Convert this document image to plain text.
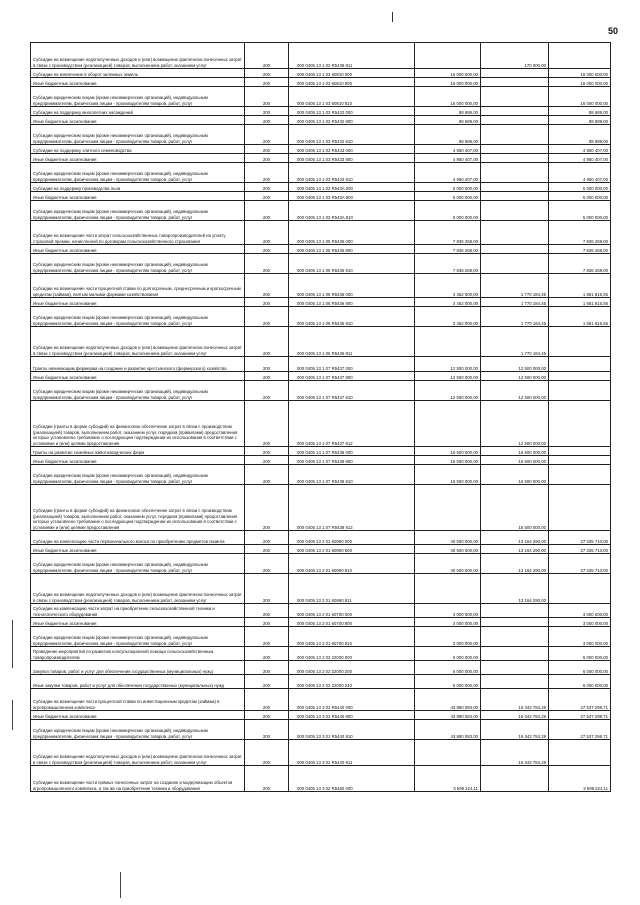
50
Субсидии на возмещение недополученных доходов и (или) возмещение фактически понесенных затрат в связи с производством (реализацией) товаров, выполнением работ, оказанием услуг	200	000 0405 13 1 02 R5438 811		170 000,00	
Субсидии на вовлечение в оборот залежных земель	200	000 0405 13 1 03 60810 000	16 000 000,00		16 000 000,00
Иные бюджетные ассигнования	200	000 0405 13 1 03 60810 800	16 000 000,00		16 000 000,00
Субсидии юридическим лицам (кроме некоммерческих организаций), индивидуальным предпринимателям, физическим лицам - производителям товаров, работ, услуг	200	000 0405 13 1 03 60810 810	16 000 000,00		16 000 000,00
Субсидии на поддержку многолетних насаждений	200	000 0405 13 1 03 R5432 000	88 689,00		88 689,00
Иные бюджетные ассигнования	200	000 0405 13 1 03 R5432 800	88 689,00		88 689,00
Субсидии юридическим лицам (кроме некоммерческих организаций), индивидуальным предпринимателям, физическим лицам - производителям товаров, работ, услуг	200	000 0405 13 1 03 R5432 810	88 689,00		88 689,00
Субсидии на поддержку элитного семеноводства	200	000 0405 13 1 03 R5433 000	4 950 407,00		4 950 407,00
Иные бюджетные ассигнования	200	000 0405 13 1 03 R5433 800	4 950 407,00		4 950 407,00
Субсидии юридическим лицам (кроме некоммерческих организаций), индивидуальным предпринимателям, физическим лицам - производителям товаров, работ, услуг	200	000 0405 13 1 03 R5433 810	4 950 407,00		4 950 407,00
Субсидии на поддержку производства льна	200	000 0405 13 1 03 R543A 000	5 000 000,00		5 000 000,00
Иные бюджетные ассигнования	200	000 0405 13 1 03 R543A 800	5 000 000,00		5 000 000,00
Субсидии юридическим лицам (кроме некоммерческих организаций), индивидуальным предпринимателям, физическим лицам - производителям товаров, работ, услуг	200	000 0405 13 1 03 R543A 810	5 000 000,00		5 000 000,00
Субсидии на возмещение части затрат сельскохозяйственных товаропроизводителей на уплату страховой премии, начисленной по договорам сельскохозяйственного страхования	200	000 0405 13 1 05 R5435 000	7 836 268,00		7 836 268,00
Иные бюджетные ассигнования	200	000 0405 13 1 05 R5435 800	7 836 268,00		7 836 268,00
Субсидии юридическим лицам (кроме некоммерческих организаций), индивидуальным предпринимателям, физическим лицам - производителям товаров, работ, услуг	200	000 0405 13 1 05 R5435 810	7 836 268,00		7 836 268,00
Субсидии на возмещение части процентной ставки по долгосрочным, среднесрочным и краткосрочным кредитам (займам), взятым малыми формами хозяйствования	200	000 0405 13 1 06 R5436 000	3 452 000,00	1 770 184,45	1 681 815,55
Иные бюджетные ассигнования	200	000 0405 13 1 06 R5436 800	3 452 000,00	1 770 184,45	1 681 815,55
Субсидии юридическим лицам (кроме некоммерческих организаций), индивидуальным предпринимателям, физическим лицам - производителям товаров, работ, услуг	200	000 0405 13 1 06 R5436 810	3 452 000,00	1 770 184,45	1 681 815,55
Субсидии на возмещение недополученных доходов и (или) возмещение фактически понесенных затрат в связи с производством (реализацией) товаров, выполнением работ, оказанием услуг	200	000 0405 13 1 06 R5436 811		1 770 184,45	
Гранты начинающим фермерам на создание и развитие крестьянского (фермерского) хозяйства	200	000 0405 13 1 07 R5437 000	12 500 000,00	12 500 000,00	
Иные бюджетные ассигнования	200	000 0405 13 1 07 R5437 800	12 500 000,00	12 500 000,00	
Субсидии юридическим лицам (кроме некоммерческих организаций), индивидуальным предпринимателям, физическим лицам - производителям товаров, работ, услуг	200	000 0405 13 1 07 R5437 810	12 500 000,00	12 500 000,00	
Субсидии (гранты в форме субсидий) на финансовое обеспечение затрат в связи с производством (реализацией) товаров, выполнением работ, оказанием услуг, порядком (правилами) предоставления которых установлено требование о последующем подтверждении их использования в соответствии с условиями и (или) целями предоставления	200	000 0405 13 1 07 R5437 812		12 500 000,00	
Гранты на развитие семейных животноводческих ферм	200	000 0405 13 1 07 R5438 000	16 500 000,00	16 500 000,00	
Иные бюджетные ассигнования	200	000 0405 13 1 07 R5438 800	16 500 000,00	16 500 000,00	
Субсидии юридическим лицам (кроме некоммерческих организаций), индивидуальным предпринимателям, физическим лицам - производителям товаров, работ, услуг	200	000 0405 13 1 07 R5438 810	16 500 000,00	16 500 000,00	
Субсидии (гранты в форме субсидий) на финансовое обеспечение затрат в связи с производством (реализацией) товаров, выполнением работ, оказанием услуг, порядком (правилами) предоставления которых установлено требование о последующем подтверждении их использования в соответствии с условиями и (или) целями предоставления	200	000 0405 13 1 07 R5438 812		16 500 000,00	
Субсидии на компенсацию части первоначального взноса по приобретению предметов лизинга	200	000 0405 13 2 01 60990 000	40 500 000,00	13 164 290,00	27 335 710,00
Иные бюджетные ассигнования	200	000 0405 13 2 01 60990 800	40 500 000,00	13 164 290,00	27 335 710,00
Субсидии юридическим лицам (кроме некоммерческих организаций), индивидуальным предпринимателям, физическим лицам - производителям товаров, работ, услуг	200	000 0405 13 2 01 60990 810	40 500 000,00	13 164 290,00	27 335 710,00
Субсидии на возмещение недополученных доходов и (или) возмещение фактически понесенных затрат в связи с производством (реализацией) товаров, выполнением работ, оказанием услуг	200	000 0405 13 2 01 60990 811		13 164 290,00	
Субсидии на компенсацию части затрат на приобретение сельскохозяйственной техники и технологического оборудования	200	000 0405 13 2 01 60700 000	3 000 000,00		3 000 000,00
Иные бюджетные ассигнования	200	000 0405 13 2 01 60700 800	3 000 000,00		3 000 000,00
Субсидии юридическим лицам (кроме некоммерческих организаций), индивидуальным предпринимателям, физическим лицам - производителям товаров, работ, услуг	200	000 0405 13 2 01 60700 810	3 000 000,00		3 000 000,00
Проведение мероприятий по развитию консультационной помощи сельскохозяйственным товаропроизводителям	200	000 0405 13 2 02 22000 000	6 000 000,00		6 000 000,00
Закупка товаров, работ и услуг для обеспечения государственных (муниципальных) нужд	200	000 0405 13 2 02 22000 200	6 000 000,00		6 000 000,00
Иные закупки товаров, работ и услуг для обеспечения государственных (муниципальных) нужд	200	000 0405 13 2 02 22000 240	6 000 000,00		6 000 000,00
Субсидии на возмещение части процентной ставки по инвестиционным кредитам (займам) в агропромышленном комплексе	200	000 0405 13 3 01 R5440 000	43 880 083,00	16 342 784,29	27 537 298,71
Иные бюджетные ассигнования	200	000 0405 13 3 01 R5440 800	43 880 083,00	16 342 784,29	27 537 298,71
Субсидии юридическим лицам (кроме некоммерческих организаций), индивидуальным предпринимателям, физическим лицам - производителям товаров, работ, услуг	200	000 0405 13 3 01 R5440 810	43 880 083,00	16 342 784,29	27 537 298,71
Субсидии на возмещение недополученных доходов и (или) возмещение фактически понесенных затрат в связи с производством (реализацией) товаров, выполнением работ, оказанием услуг	200	000 0405 13 3 01 R5440 811		16 342 784,29	
Субсидии на возмещение части прямых понесенных затрат на создание и модернизацию объектов агропромышленного комплекса, а так же на приобретение техники и оборудования	200	000 0405 13 3 02 R5450 000	3 599 224,11		3 599 224,11
